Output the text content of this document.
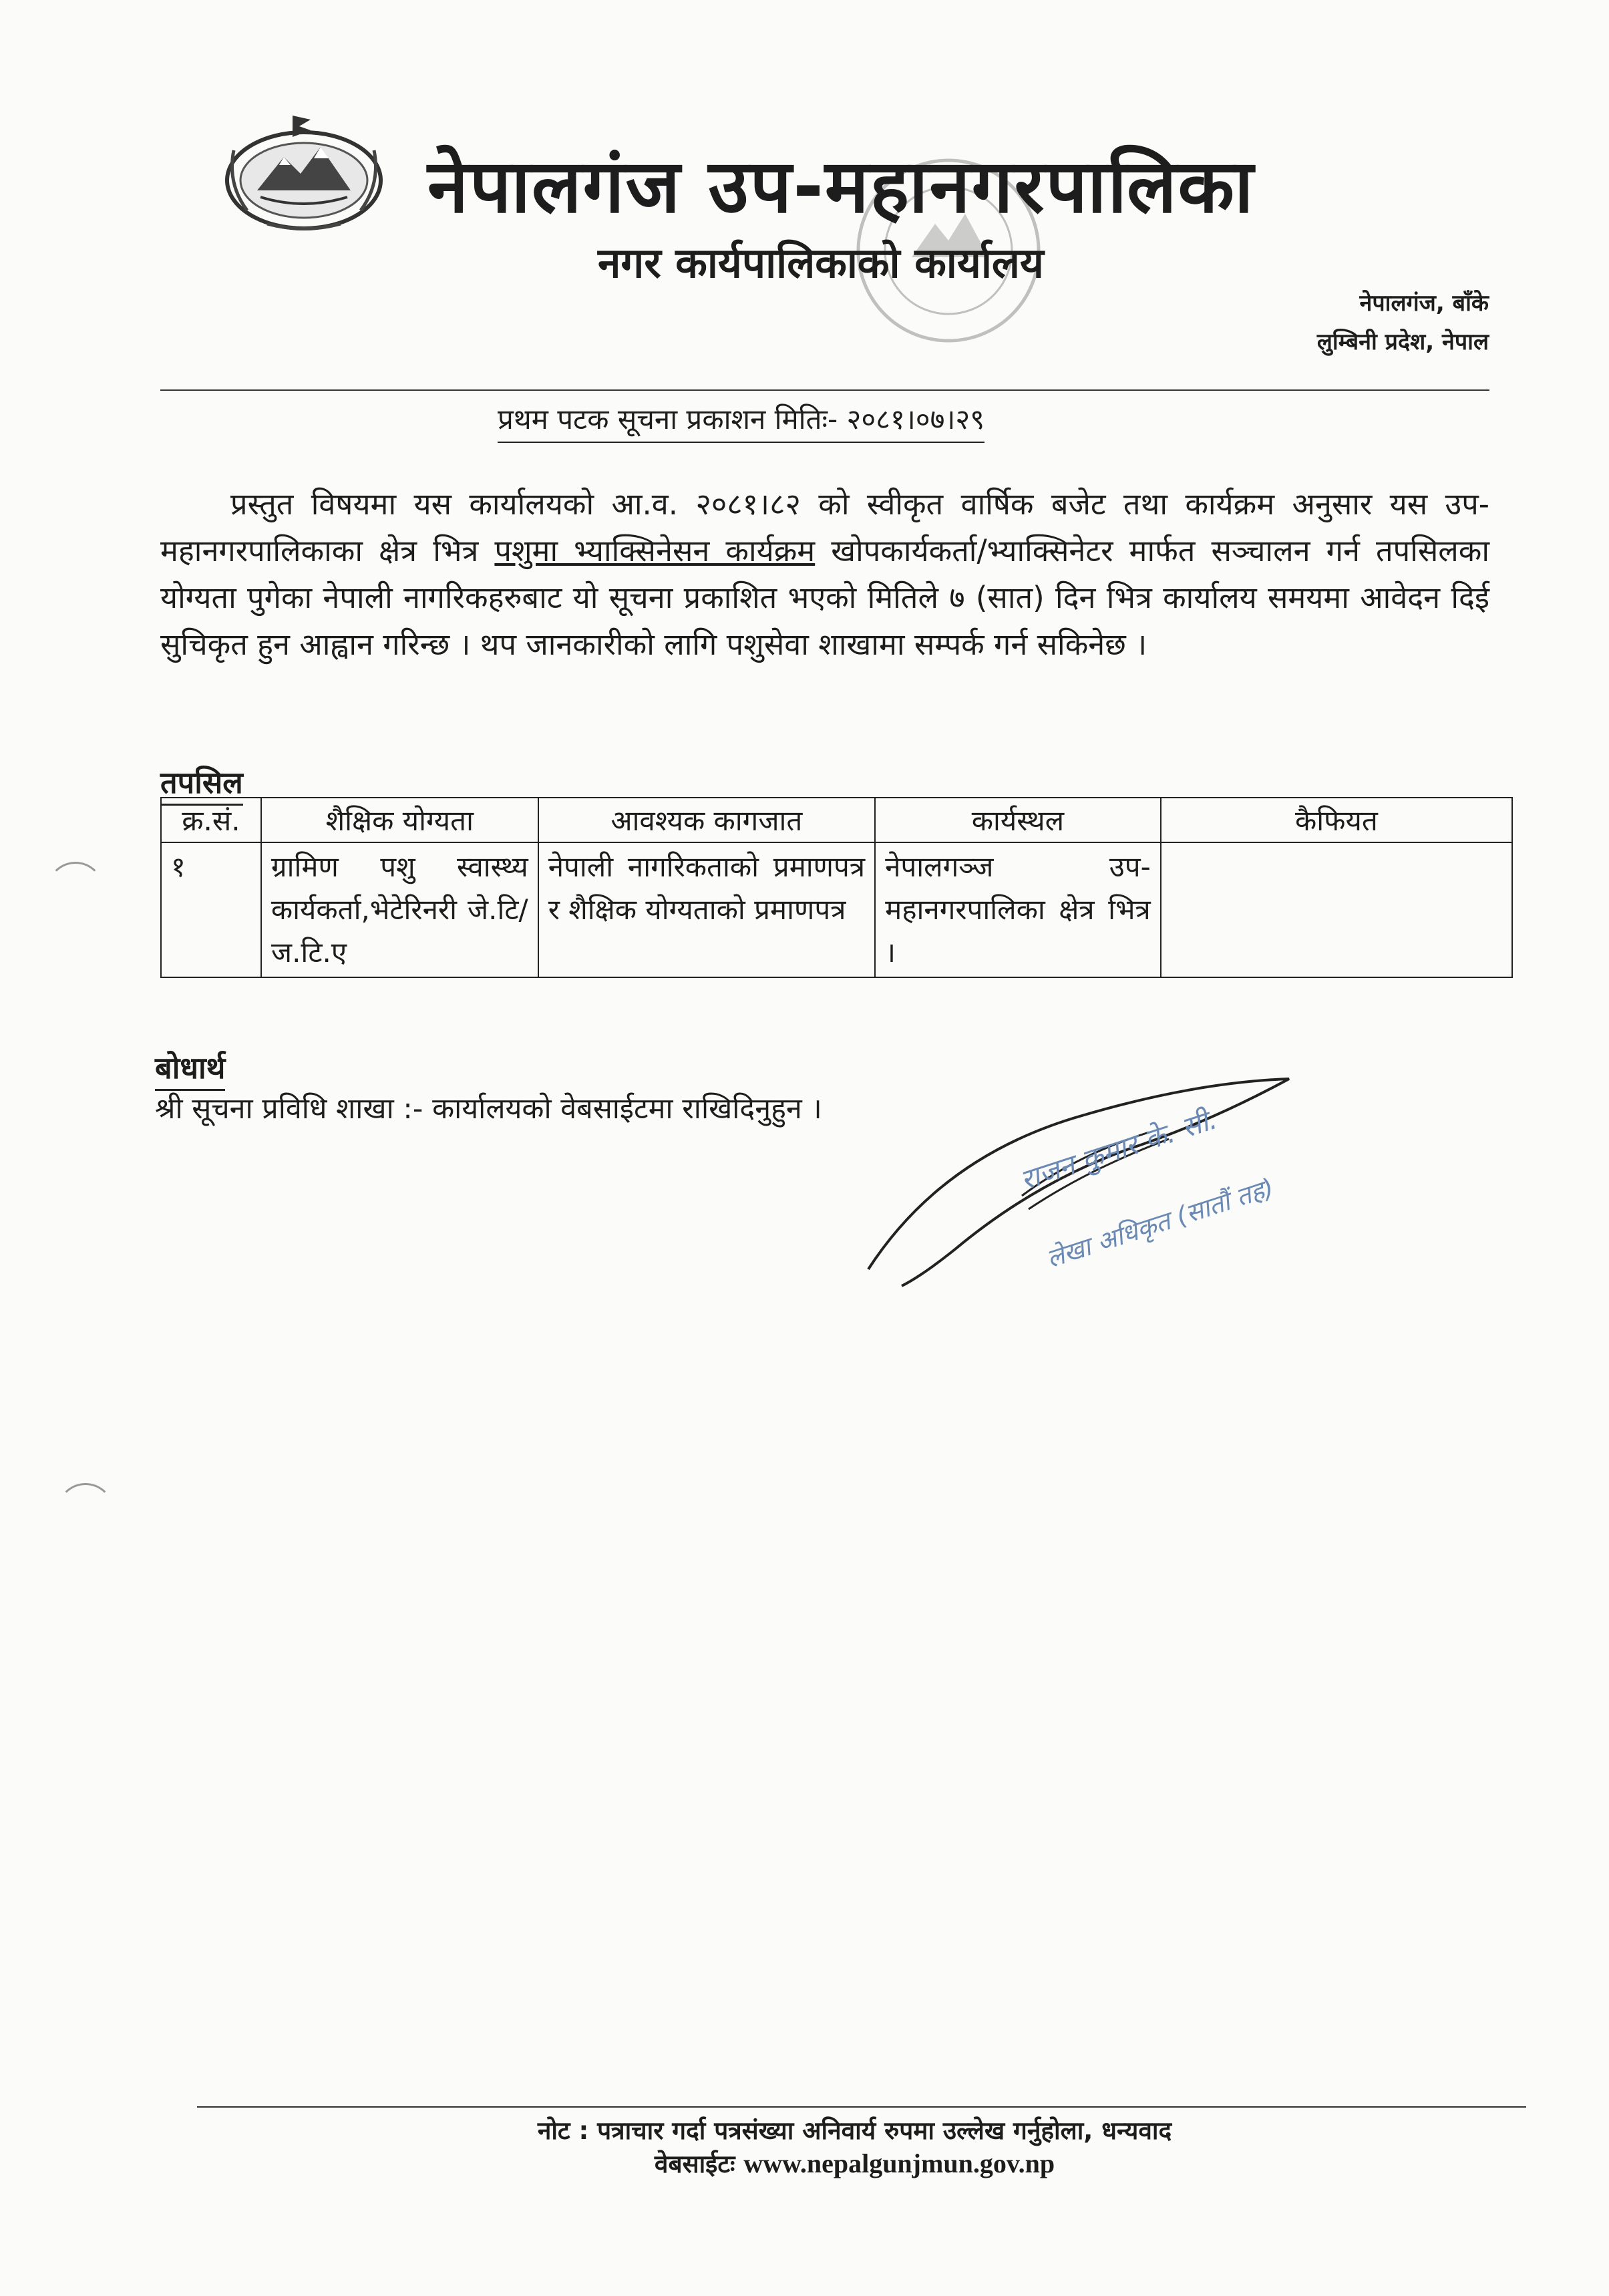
नेपालगंज उप-महानगरपालिका
नगर कार्यपालिकाको कार्यालय
नेपालगंज, बाँके
लुम्बिनी प्रदेश, नेपाल
प्रथम पटक सूचना प्रकाशन मितिः- २०८१।०७।२९
प्रस्तुत विषयमा यस कार्यालयको आ.व. २०८१।८२ को स्वीकृत वार्षिक बजेट तथा कार्यक्रम अनुसार यस उप-महानगरपालिकाका क्षेत्र भित्र पशुमा भ्याक्सिनेसन कार्यक्रम खोपकार्यकर्ता/भ्याक्सिनेटर मार्फत सञ्चालन गर्न तपसिलका योग्यता पुगेका नेपाली नागरिकहरुबाट यो सूचना प्रकाशित भएको मितिले ७ (सात) दिन भित्र कार्यालय समयमा आवेदन दिई सुचिकृत हुन आह्वान गरिन्छ । थप जानकारीको लागि पशुसेवा शाखामा सम्पर्क गर्न सकिनेछ ।
तपसिल
क्र.सं.	शैक्षिक योग्यता	आवश्यक कागजात	कार्यस्थल	कैफियत
१	ग्रामिण पशु स्वास्थ्य कार्यकर्ता,भेटेरिनरी जे.टि/ज.टि.ए	नेपाली नागरिकताको प्रमाणपत्र र शैक्षिक योग्यताको प्रमाणपत्र	नेपालगञ्ज उप-महानगरपालिका क्षेत्र भित्र ।	
बोधार्थ
श्री सूचना प्रविधि शाखा :- कार्यालयको वेबसाईटमा राखिदिनुहुन ।	राजन कुमार के. सी.
लेखा अधिकृत (सातौं तह)
नोट : पत्राचार गर्दा पत्रसंख्या अनिवार्य रुपमा उल्लेख गर्नुहोला, धन्यवाद
वेबसाईटः www.nepalgunjmun.gov.np
